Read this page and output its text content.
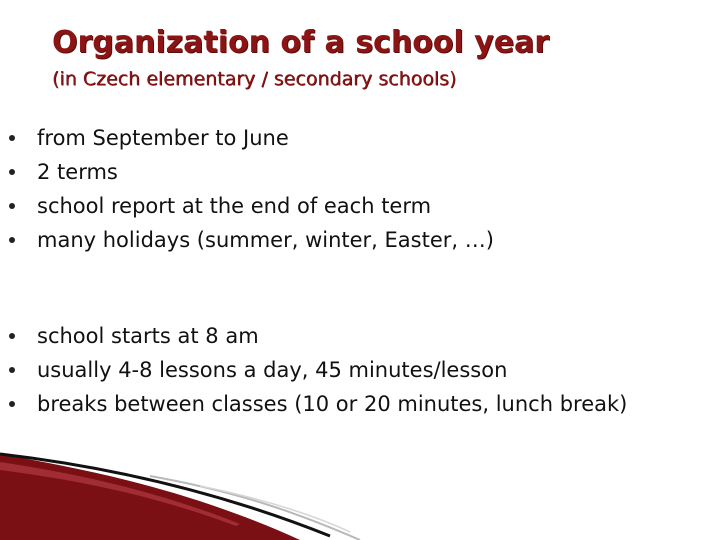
Organization of a school year
(in Czech elementary / secondary schools)
from September to June
2 terms
school report at the end of each term
many holidays (summer, winter, Easter, …)
school starts at 8 am
usually 4-8 lessons a day, 45 minutes/lesson
breaks between classes (10 or 20 minutes, lunch break)
